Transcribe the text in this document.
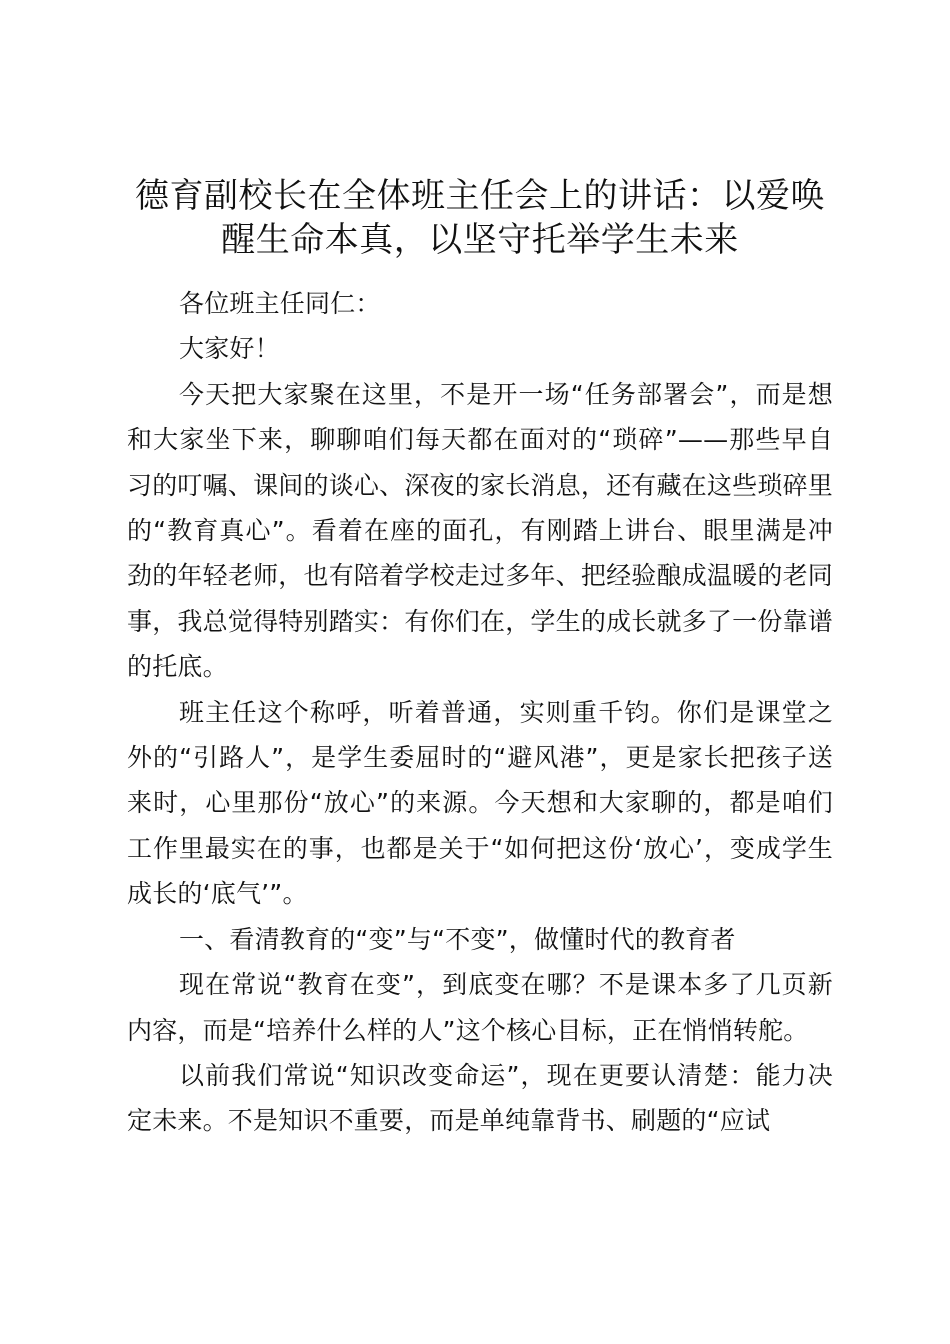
德育副校长在全体班主任会上的讲话：以爱唤醒生命本真，以坚守托举学生未来

各位班主任同仁：

大家好！

今天把大家聚在这里，不是开一场“任务部署会”，而是想和大家坐下来，聊聊咱们每天都在面对的“琐碎”——那些早自习的叮嘱、课间的谈心、深夜的家长消息，还有藏在这些琐碎里的“教育真心”。看着在座的面孔，有刚踏上讲台、眼里满是冲劲的年轻老师，也有陪着学校走过多年、把经验酿成温暖的老同事，我总觉得特别踏实：有你们在，学生的成长就多了一份靠谱的托底。

班主任这个称呼，听着普通，实则重千钧。你们是课堂之外的“引路人”，是学生委屈时的“避风港”，更是家长把孩子送来时，心里那份“放心”的来源。今天想和大家聊的，都是咱们工作里最实在的事，也都是关于“如何把这份‘放心’，变成学生成长的‘底气’”。

一、看清教育的“变”与“不变”，做懂时代的教育者

现在常说“教育在变”，到底变在哪？不是课本多了几页新内容，而是“培养什么样的人”这个核心目标，正在悄悄转舵。

以前我们常说“知识改变命运”，现在更要认清楚：能力决定未来。不是知识不重要，而是单纯靠背书、刷题的“应试
